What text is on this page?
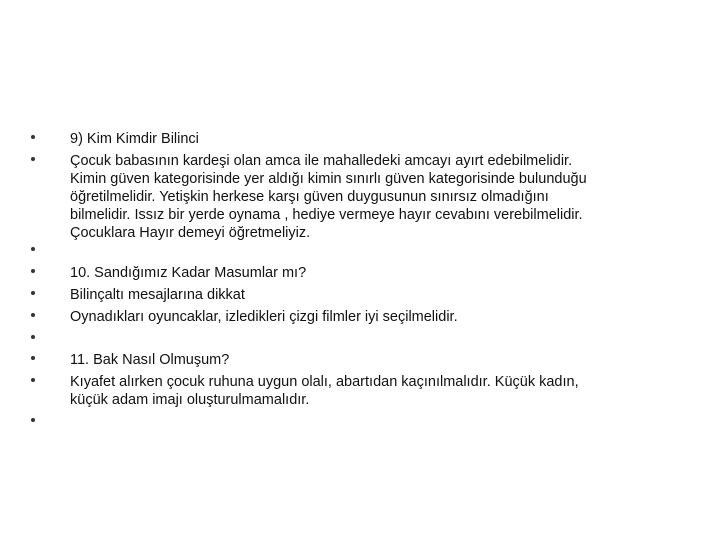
9) Kim Kimdir Bilinci

Çocuk babasının kardeşi olan amca ile mahalledeki amcayı ayırt edebilmelidir.
Kimin güven kategorisinde yer aldığı kimin sınırlı güven kategorisinde bulunduğu
öğretilmelidir. Yetişkin herkese karşı güven duygusunun sınırsız olmadığını
bilmelidir. Issız bir yerde oynama , hediye vermeye hayır cevabını verebilmelidir.
Çocuklara Hayır demeyi öğretmeliyiz.

10. Sandığımız Kadar Masumlar mı?

Bilinçaltı mesajlarına dikkat

Oynadıkları oyuncaklar, izledikleri çizgi filmler iyi seçilmelidir.

11. Bak Nasıl Olmuşum?

Kıyafet alırken çocuk ruhuna uygun olalı, abartıdan kaçınılmalıdır. Küçük kadın,
küçük adam imajı oluşturulmamalıdır.
